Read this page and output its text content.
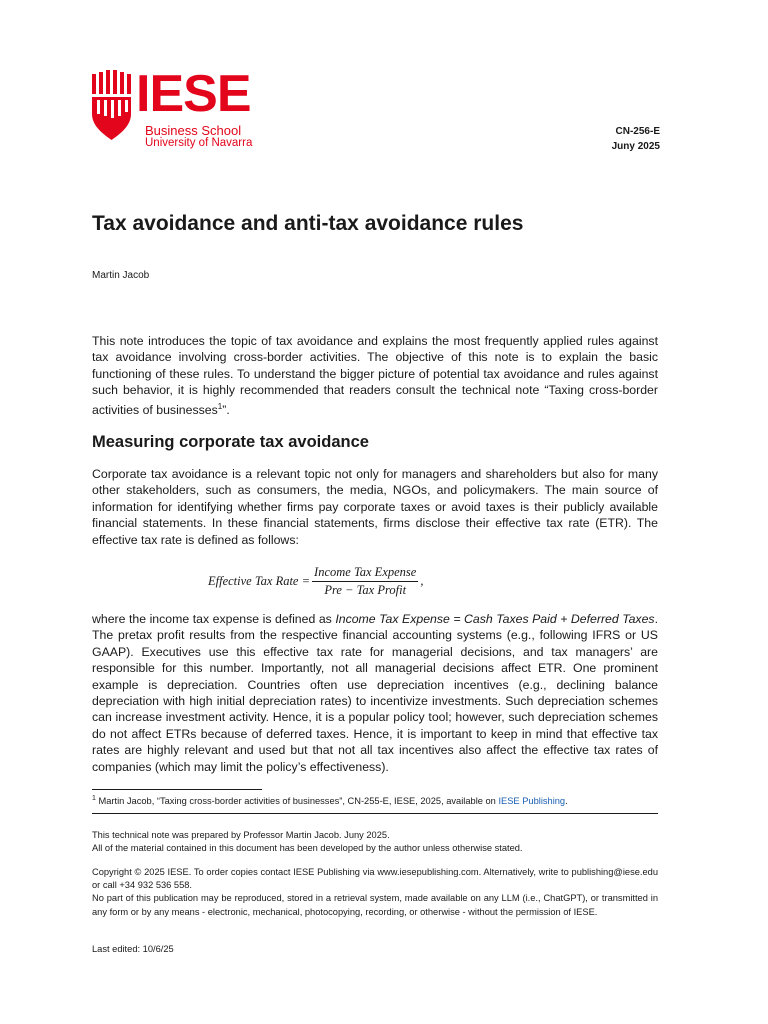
IESE
Business School
University of Navarra
CN-256-E
Juny 2025
Tax avoidance and anti-tax avoidance rules
Martin Jacob

This note introduces the topic of tax avoidance and explains the most frequently applied rules against tax avoidance involving cross-border activities. The objective of this note is to explain the basic functioning of these rules. To understand the bigger picture of potential tax avoidance and rules against such behavior, it is highly recommended that readers consult the technical note “Taxing cross-border activities of businesses$^1$”.

Measuring corporate tax avoidance

Corporate tax avoidance is a relevant topic not only for managers and shareholders but also for many other stakeholders, such as consumers, the media, NGOs, and policymakers. The main source of information for identifying whether firms pay corporate taxes or avoid taxes is their publicly available financial statements. In these financial statements, firms disclose their effective tax rate (ETR). The effective tax rate is defined as follows:

Effective Tax Rate = $\frac{\text{Income Tax Expense}}{\text{Pre − Tax Profit}}$ ,

where the income tax expense is defined as Income Tax Expense = Cash Taxes Paid + Deferred Taxes. The pretax profit results from the respective financial accounting systems (e.g., following IFRS or US GAAP). Executives use this effective tax rate for managerial decisions, and tax managers’ are responsible for this number. Importantly, not all managerial decisions affect ETR. One prominent example is depreciation. Countries often use depreciation incentives (e.g., declining balance depreciation with high initial depreciation rates) to incentivize investments. Such depreciation schemes can increase investment activity. Hence, it is a popular policy tool; however, such depreciation schemes do not affect ETRs because of deferred taxes. Hence, it is important to keep in mind that effective tax rates are highly relevant and used but that not all tax incentives also affect the effective tax rates of companies (which may limit the policy’s effectiveness).

$^1$ Martin Jacob, “Taxing cross-border activities of businesses”, CN-255-E, IESE, 2025, available on IESE Publishing.
This technical note was prepared by Professor Martin Jacob. Juny 2025.
All of the material contained in this document has been developed by the author unless otherwise stated.
Copyright © 2025 IESE. To order copies contact IESE Publishing via www.iesepublishing.com. Alternatively, write to publishing@iese.edu or call +34 932 536 558.
No part of this publication may be reproduced, stored in a retrieval system, made available on any LLM (i.e., ChatGPT), or transmitted in any form or by any means - electronic, mechanical, photocopying, recording, or otherwise - without the permission of IESE.
Last edited: 10/6/25
